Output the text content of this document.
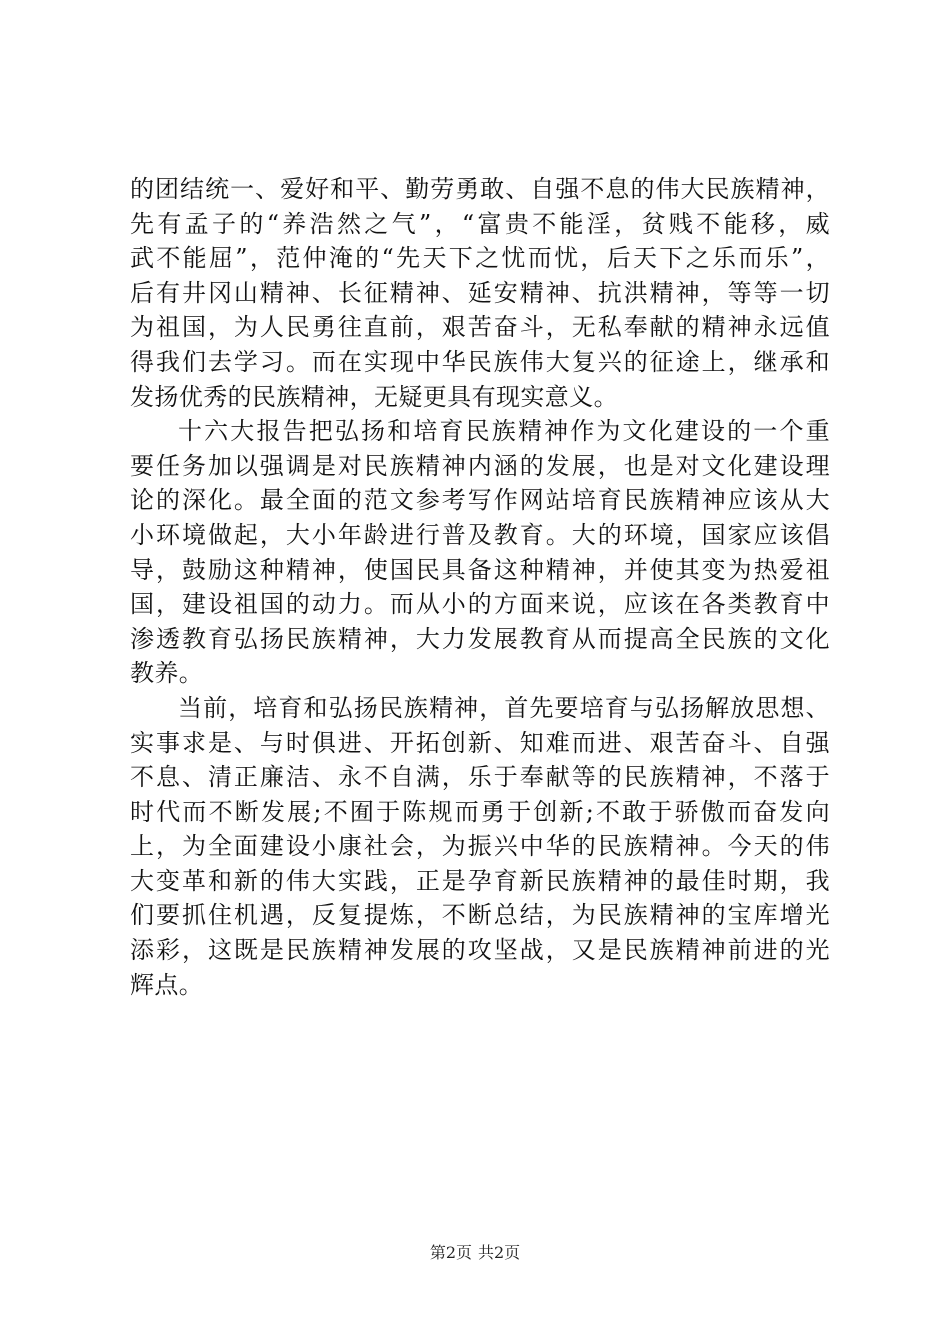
的团结统一、爱好和平、勤劳勇敢、自强不息的伟大民族精神，
先有孟子的“养浩然之气”，“富贵不能淫，贫贱不能移，威
武不能屈”，范仲淹的“先天下之忧而忧，后天下之乐而乐”，
后有井冈山精神、长征精神、延安精神、抗洪精神，等等一切
为祖国，为人民勇往直前，艰苦奋斗，无私奉献的精神永远值
得我们去学习。而在实现中华民族伟大复兴的征途上，继承和
发扬优秀的民族精神，无疑更具有现实意义。
十六大报告把弘扬和培育民族精神作为文化建设的一个重
要任务加以强调是对民族精神内涵的发展，也是对文化建设理
论的深化。最全面的范文参考写作网站培育民族精神应该从大
小环境做起，大小年龄进行普及教育。大的环境，国家应该倡
导，鼓励这种精神，使国民具备这种精神，并使其变为热爱祖
国，建设祖国的动力。而从小的方面来说，应该在各类教育中
渗透教育弘扬民族精神，大力发展教育从而提高全民族的文化
教养。
当前，培育和弘扬民族精神，首先要培育与弘扬解放思想、
实事求是、与时俱进、开拓创新、知难而进、艰苦奋斗、自强
不息、清正廉洁、永不自满，乐于奉献等的民族精神，不落于
时代而不断发展;不囿于陈规而勇于创新;不敢于骄傲而奋发向
上，为全面建设小康社会，为振兴中华的民族精神。今天的伟
大变革和新的伟大实践，正是孕育新民族精神的最佳时期，我
们要抓住机遇，反复提炼，不断总结，为民族精神的宝库增光
添彩，这既是民族精神发展的攻坚战，又是民族精神前进的光
辉点。
第2页 共2页
